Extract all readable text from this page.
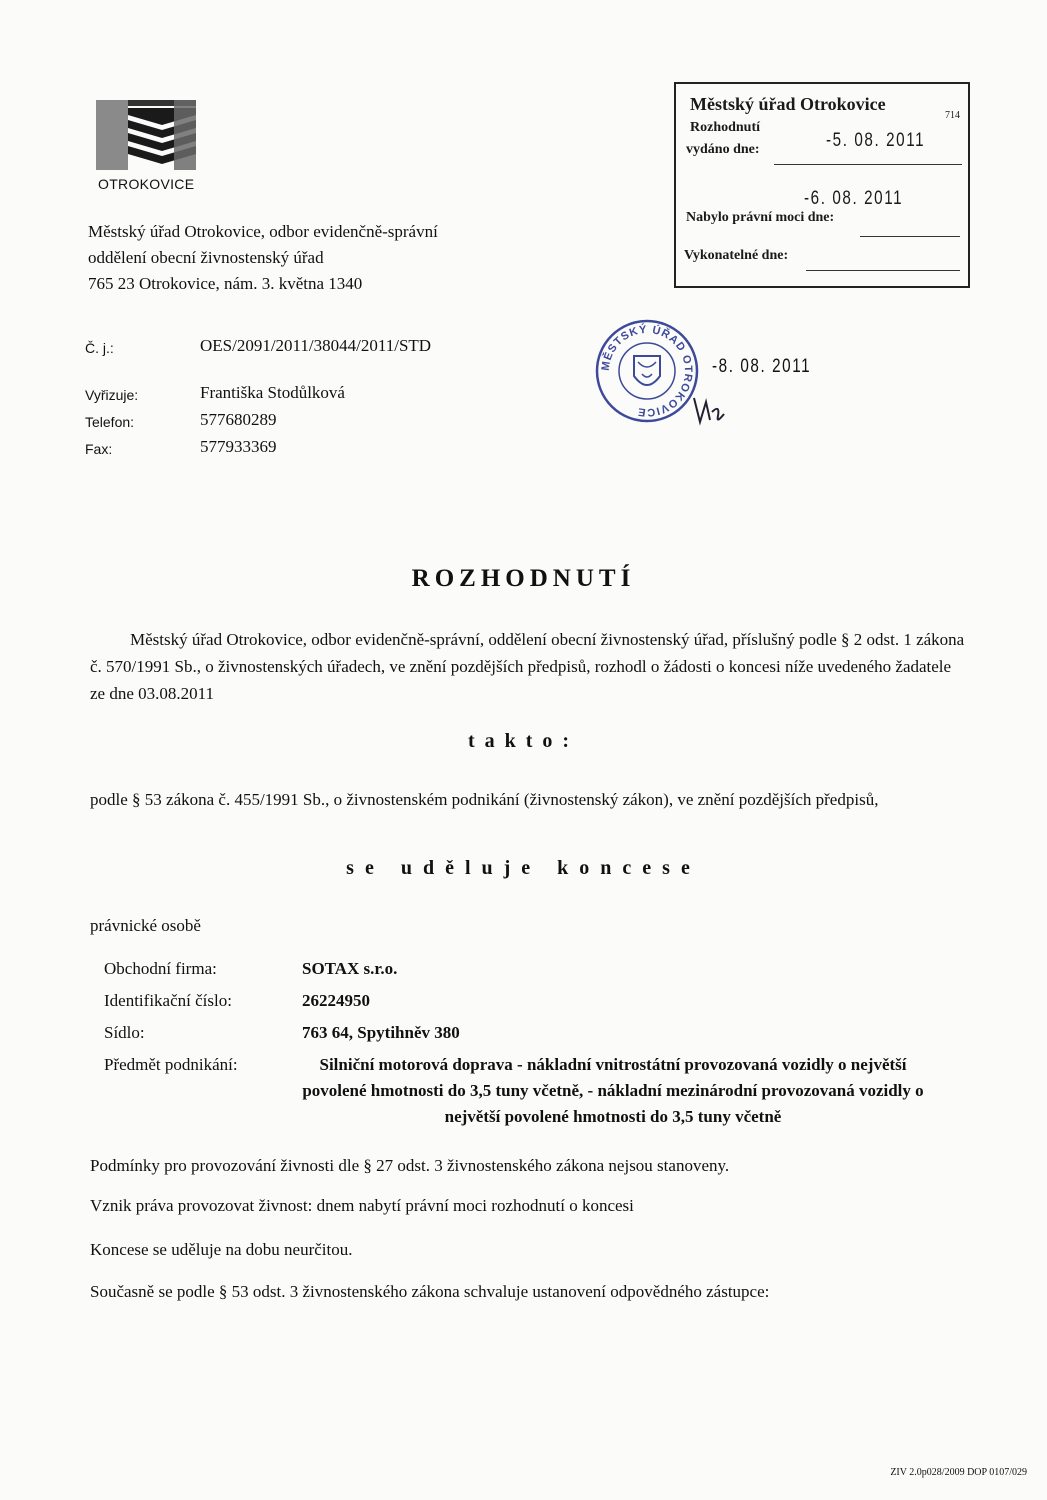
OTROKOVICE
Městský úřad Otrokovice, odbor evidenčně-správní
oddělení obecní živnostenský úřad
765 23 Otrokovice, nám. 3. května 1340
Č. j.:	OES/2091/2011/38044/2011/STD
Vyřizuje:	Františka Stodůlková
Telefon:	577680289
Fax:	577933369
Městský úřad Otrokovice
714
Rozhodnutí
vydáno dne:	-5. 08. 2011
-6. 08. 2011
Nabylo právní moci dne:
Vykonatelné dne:
MĚSTSKÝ ÚŘAD OTROKOVICE
-8. 08. 2011
ROZHODNUTÍ
Městský úřad Otrokovice, odbor evidenčně-správní, oddělení obecní živnostenský úřad, příslušný podle § 2 odst. 1 zákona č. 570/1991 Sb., o živnostenských úřadech, ve znění pozdějších předpisů, rozhodl o žádosti o koncesi níže uvedeného žadatele ze dne 03.08.2011
takto:
podle § 53 zákona č. 455/1991 Sb., o živnostenském podnikání (živnostenský zákon), ve znění pozdějších předpisů,
se uděluje koncese
právnické osobě
Obchodní firma:	SOTAX s.r.o.
Identifikační číslo:	26224950
Sídlo:	763 64, Spytihněv 380
Předmět podnikání:	Silniční motorová doprava - nákladní vnitrostátní provozovaná vozidly o největší povolené hmotnosti do 3,5 tuny včetně, - nákladní mezinárodní provozovaná vozidly o největší povolené hmotnosti do 3,5 tuny včetně
Podmínky pro provozování živnosti dle § 27 odst. 3 živnostenského zákona nejsou stanoveny.
Vznik práva provozovat živnost: dnem nabytí právní moci rozhodnutí o koncesi
Koncese se uděluje na dobu neurčitou.
Současně se podle § 53 odst. 3 živnostenského zákona schvaluje ustanovení odpovědného zástupce:
ZIV 2.0p028/2009 DOP 0107/029
